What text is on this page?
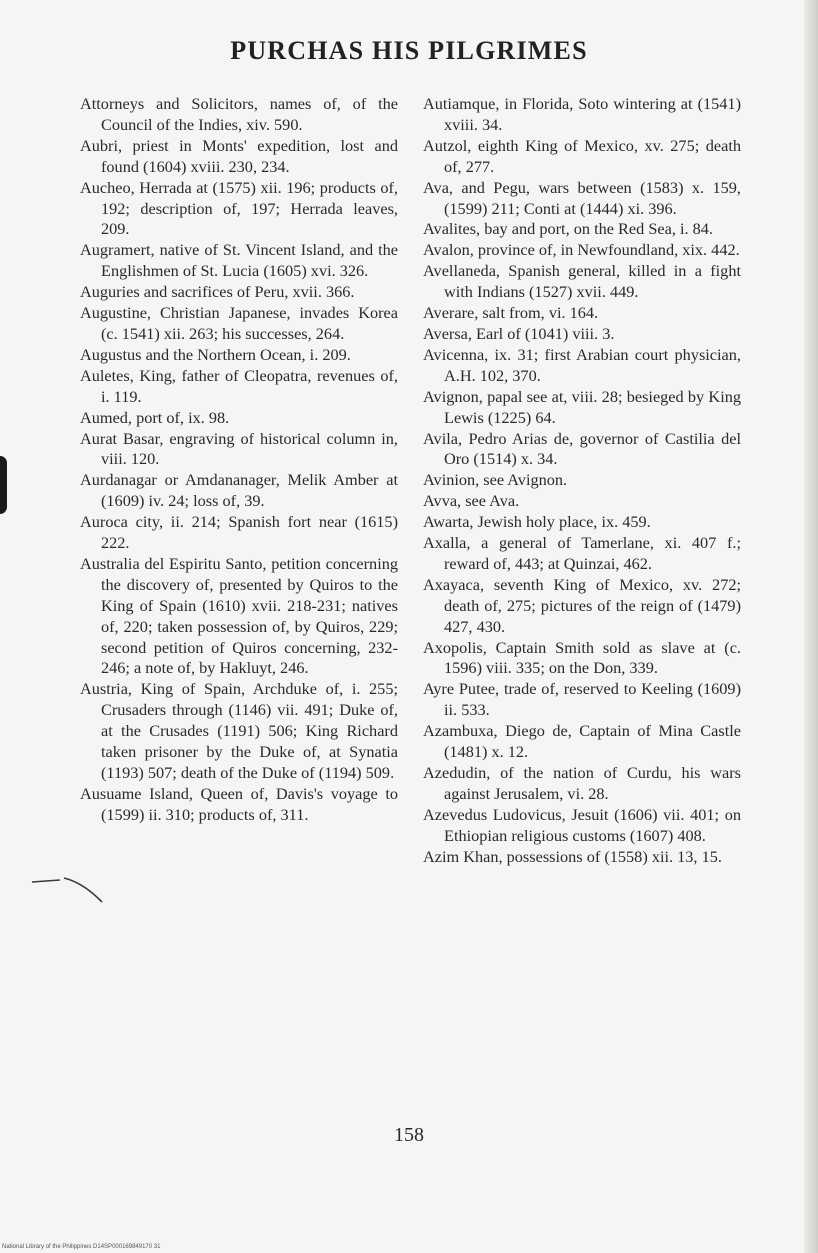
PURCHAS HIS PILGRIMES

Attorneys and Solicitors, names of, of the Council of the Indies, xiv. 590.

Aubri, priest in Monts' expedition, lost and found (1604) xviii. 230, 234.

Aucheo, Herrada at (1575) xii. 196; products of, 192; description of, 197; Herrada leaves, 209.

Augramert, native of St. Vincent Island, and the Englishmen of St. Lucia (1605) xvi. 326.

Auguries and sacrifices of Peru, xvii. 366.

Augustine, Christian Japanese, invades Korea (c. 1541) xii. 263; his successes, 264.

Augustus and the Northern Ocean, i. 209.

Auletes, King, father of Cleopatra, revenues of, i. 119.

Aumed, port of, ix. 98.

Aurat Basar, engraving of historical column in, viii. 120.

Aurdanagar or Amdananager, Melik Amber at (1609) iv. 24; loss of, 39.

Auroca city, ii. 214; Spanish fort near (1615) 222.

Australia del Espiritu Santo, petition concerning the discovery of, presented by Quiros to the King of Spain (1610) xvii. 218-231; natives of, 220; taken possession of, by Quiros, 229; second petition of Quiros concerning, 232-246; a note of, by Hakluyt, 246.

Austria, King of Spain, Archduke of, i. 255; Crusaders through (1146) vii. 491; Duke of, at the Crusades (1191) 506; King Richard taken prisoner by the Duke of, at Synatia (1193) 507; death of the Duke of (1194) 509.

Ausuame Island, Queen of, Davis's voyage to (1599) ii. 310; products of, 311.

Autiamque, in Florida, Soto wintering at (1541) xviii. 34.

Autzol, eighth King of Mexico, xv. 275; death of, 277.

Ava, and Pegu, wars between (1583) x. 159, (1599) 211; Conti at (1444) xi. 396.

Avalites, bay and port, on the Red Sea, i. 84.

Avalon, province of, in Newfoundland, xix. 442.

Avellaneda, Spanish general, killed in a fight with Indians (1527) xvii. 449.

Averare, salt from, vi. 164.

Aversa, Earl of (1041) viii. 3.

Avicenna, ix. 31; first Arabian court physician, A.H. 102, 370.

Avignon, papal see at, viii. 28; besieged by King Lewis (1225) 64.

Avila, Pedro Arias de, governor of Castilia del Oro (1514) x. 34.

Avinion, see Avignon.

Avva, see Ava.

Awarta, Jewish holy place, ix. 459.

Axalla, a general of Tamerlane, xi. 407 f.; reward of, 443; at Quinzai, 462.

Axayaca, seventh King of Mexico, xv. 272; death of, 275; pictures of the reign of (1479) 427, 430.

Axopolis, Captain Smith sold as slave at (c. 1596) viii. 335; on the Don, 339.

Ayre Putee, trade of, reserved to Keeling (1609) ii. 533.

Azambuxa, Diego de, Captain of Mina Castle (1481) x. 12.

Azedudin, of the nation of Curdu, his wars against Jerusalem, vi. 28.

Azevedus Ludovicus, Jesuit (1606) vii. 401; on Ethiopian religious customs (1607) 408.

Azim Khan, possessions of (1558) xii. 13, 15.

158
National Library of the Philippines D14SP000169849170 31
